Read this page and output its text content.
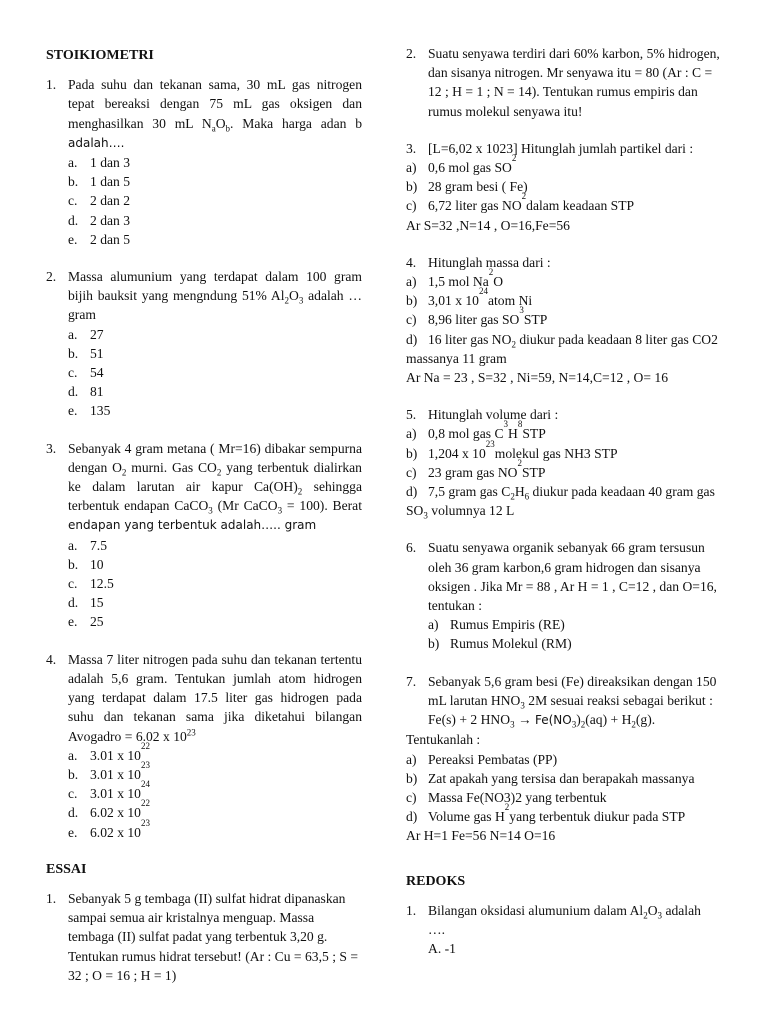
STOIKIOMETRI
1. Pada suhu dan tekanan sama, 30 mL gas nitrogen tepat bereaksi dengan 75 mL gas oksigen dan menghasilkan 30 mL $N_aO_b$. Maka harga adan b adalah….
a. 1 dan 3
b. 1 dan 5
c. 2 dan 2
d. 2 dan 3
e. 2 dan 5
2. Massa alumunium yang terdapat dalam 100 gram bijih bauksit yang mengndung 51% $Al_2O_3$ adalah … gram
a. 27
b. 51
c. 54
d. 81
e. 135
3. Sebanyak 4 gram metana ( Mr=16) dibakar sempurna dengan $O_2$ murni. Gas $CO_2$ yang terbentuk dialirkan ke dalam larutan air kapur $Ca(OH)_2$ sehingga terbentuk endapan CaCO$_3$ (Mr CaCO$_3$ = 100). Berat endapan yang terbentuk adalah….. gram
a. 7.5
b. 10
c. 12.5
d. 15
e. 25
4. Massa 7 liter nitrogen pada suhu dan tekanan tertentu adalah 5,6 gram. Tentukan jumlah atom hidrogen yang terdapat dalam 17.5 liter gas hidrogen pada suhu dan tekanan sama jika diketahui bilangan Avogadro = 6.02 x $10^{23}$
a. 3.01 x 10
22
b. 3.01 x 10
23
c. 3.01 x 10
24
d. 6.02 x 10
22
e. 6.02 x 10
23
ESSAI
1. Sebanyak 5 g tembaga (II) sulfat hidrat dipanaskan sampai semua air kristalnya menguap. Massa tembaga (II) sulfat padat yang terbentuk 3,20 g. Tentukan rumus hidrat tersebut! (Ar : Cu = 63,5 ; S = 32 ; O = 16 ; H = 1)
2. Suatu senyawa terdiri dari 60% karbon, 5% hidrogen, dan sisanya nitrogen. Mr senyawa itu = 80 (Ar : C = 12 ; H = 1 ; N = 14). Tentukan rumus empiris dan rumus molekul senyawa itu!
3. [L=6,02 x 1023] Hitunglah jumlah partikel dari :
a) 0,6 mol gas SO
2
b) 28 gram besi ( Fe)
c) 6,72 liter gas NO
2
dalam keadaan STP
Ar S=32 ,N=14 , O=16,Fe=56
4. Hitunglah massa dari :
a) 1,5 mol Na
2
O
b) 3,01 x 10
24
atom Ni
c) 8,96 liter gas SO
3
STP
d) 16 liter gas $NO_2$ diukur pada keadaan 8 liter gas CO2 massanya 11 gram
Ar Na = 23 , S=32 , Ni=59, N=14,C=12 , O= 16
5. Hitunglah volume dari :
a) 0,8 mol gas C
3
H
8
STP
b) 1,204 x 10
23
molekul gas NH3 STP
c) 23 gram gas NO
2
STP
d) 7,5 gram gas $C_2H_6$ diukur pada keadaan 40 gram gas $SO_3$ volumnya 12 L
6. Suatu senyawa organik sebanyak 66 gram tersusun oleh 36 gram karbon,6 gram hidrogen dan sisanya oksigen . Jika Mr = 88 , Ar H = 1 , C=12 , dan O=16, tentukan :
a) Rumus Empiris (RE)
b) Rumus Molekul (RM)
7. Sebanyak 5,6 gram besi (Fe) direaksikan dengan 150 mL larutan $HNO_3$ 2M sesuai reaksi sebagai berikut : Fe(s) + 2 $HNO_3 \to Fe(NO_3)_2(aq) + H_2(g)$.
Tentukanlah :
a) Pereaksi Pembatas (PP)
b) Zat apakah yang tersisa dan berapakah massanya
c) Massa Fe(NO3)2 yang terbentuk
d) Volume gas H
2
yang terbentuk diukur pada STP
Ar H=1 Fe=56 N=14 O=16
REDOKS
1. Bilangan oksidasi alumunium dalam $Al_2O_3$ adalah
….
A. -1
